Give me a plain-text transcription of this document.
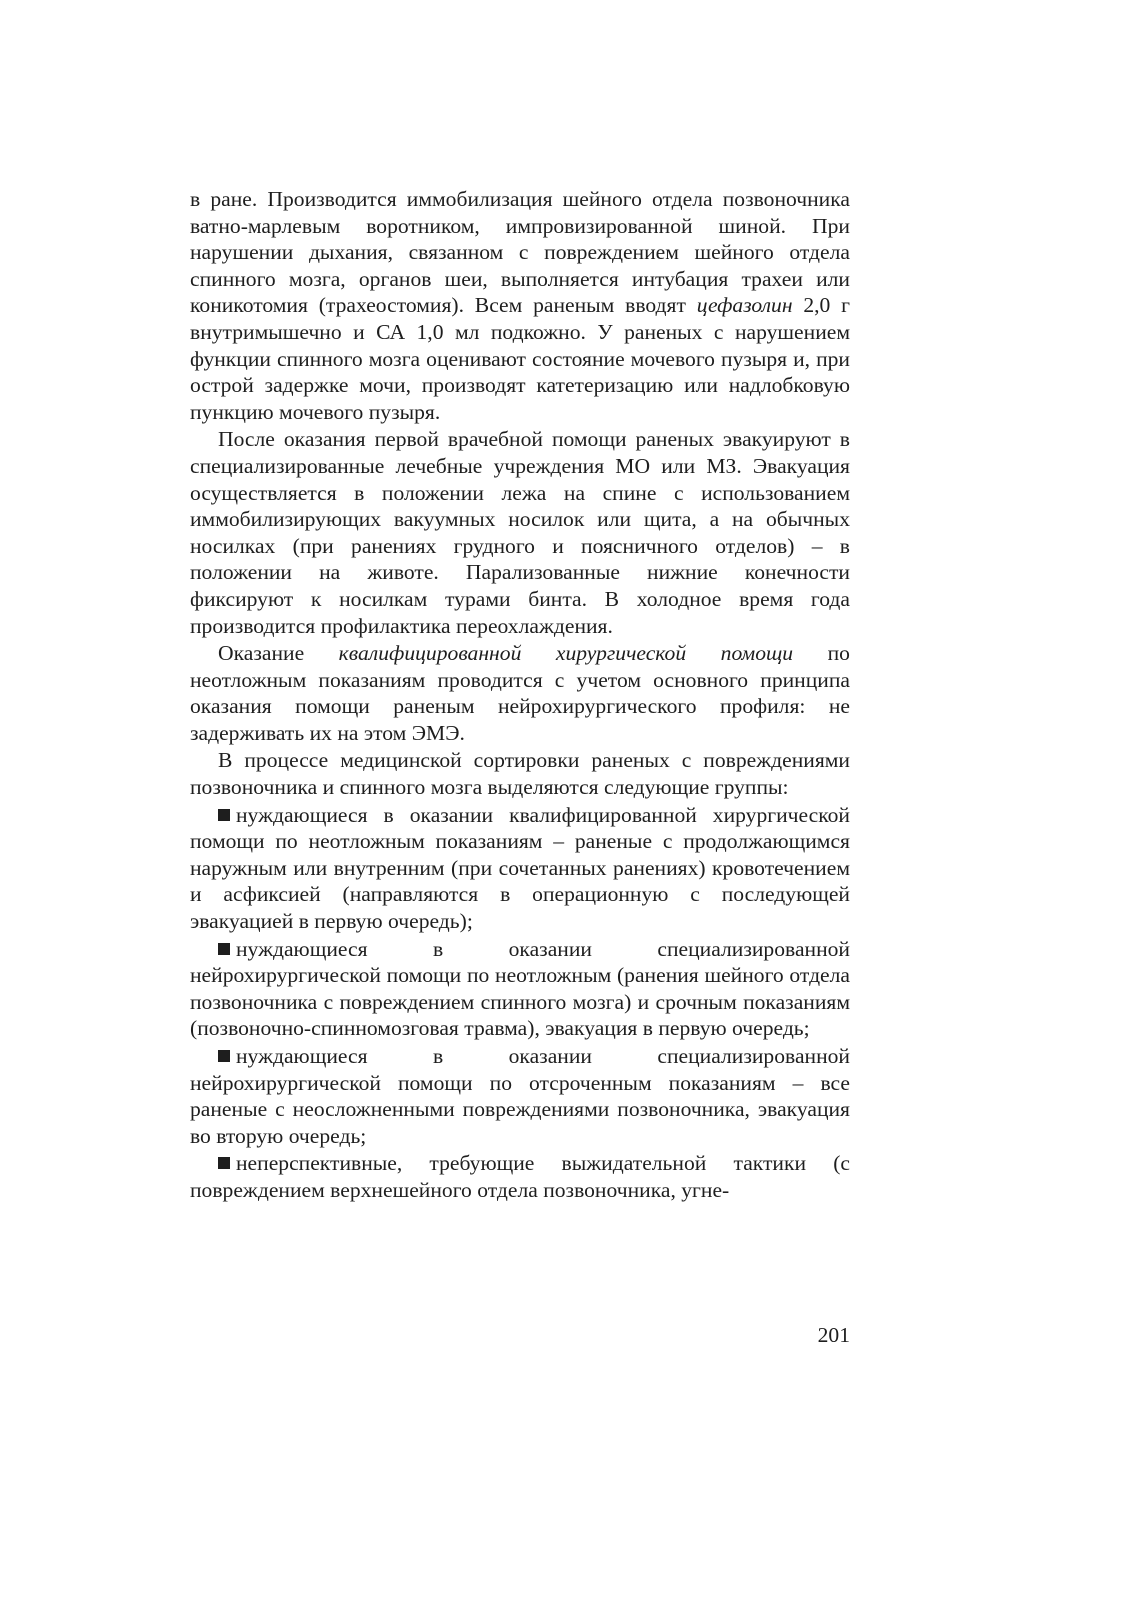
в ране. Производится иммобилизация шейного отдела позвоночника ватно-марлевым воротником, импровизированной шиной. При нарушении дыхания, связанном с повреждением шейного отдела спинного мозга, органов шеи, выполняется интубация трахеи или коникотомия (трахеостомия). Всем раненым вводят цефазолин 2,0 г внутримышечно и СА 1,0 мл подкожно. У раненых с нарушением функции спинного мозга оценивают состояние мочевого пузыря и, при острой задержке мочи, производят катетеризацию или надлобковую пункцию мочевого пузыря.

После оказания первой врачебной помощи раненых эвакуируют в специализированные лечебные учреждения МО или МЗ. Эвакуация осуществляется в положении лежа на спине с использованием иммобилизирующих вакуумных носилок или щита, а на обычных носилках (при ранениях грудного и поясничного отделов) – в положении на животе. Парализованные нижние конечности фиксируют к носилкам турами бинта. В холодное время года производится профилактика переохлаждения.

Оказание квалифицированной хирургической помощи по неотложным показаниям проводится с учетом основного принципа оказания помощи раненым нейрохирургического профиля: не задерживать их на этом ЭМЭ.

В процессе медицинской сортировки раненых с повреждениями позвоночника и спинного мозга выделяются следующие группы:

нуждающиеся в оказании квалифицированной хирургической помощи по неотложным показаниям – раненые с продолжающимся наружным или внутренним (при сочетанных ранениях) кровотечением и асфиксией (направляются в операционную с последующей эвакуацией в первую очередь);

нуждающиеся в оказании специализированной нейрохирургической помощи по неотложным (ранения шейного отдела позвоночника с повреждением спинного мозга) и срочным показаниям (позвоночно-спинномозговая травма), эвакуация в первую очередь;

нуждающиеся в оказании специализированной нейрохирургической помощи по отсроченным показаниям – все раненые с неосложненными повреждениями позвоночника, эвакуация во вторую очередь;

неперспективные, требующие выжидательной тактики (с повреждением верхнешейного отдела позвоночника, угне-

201
